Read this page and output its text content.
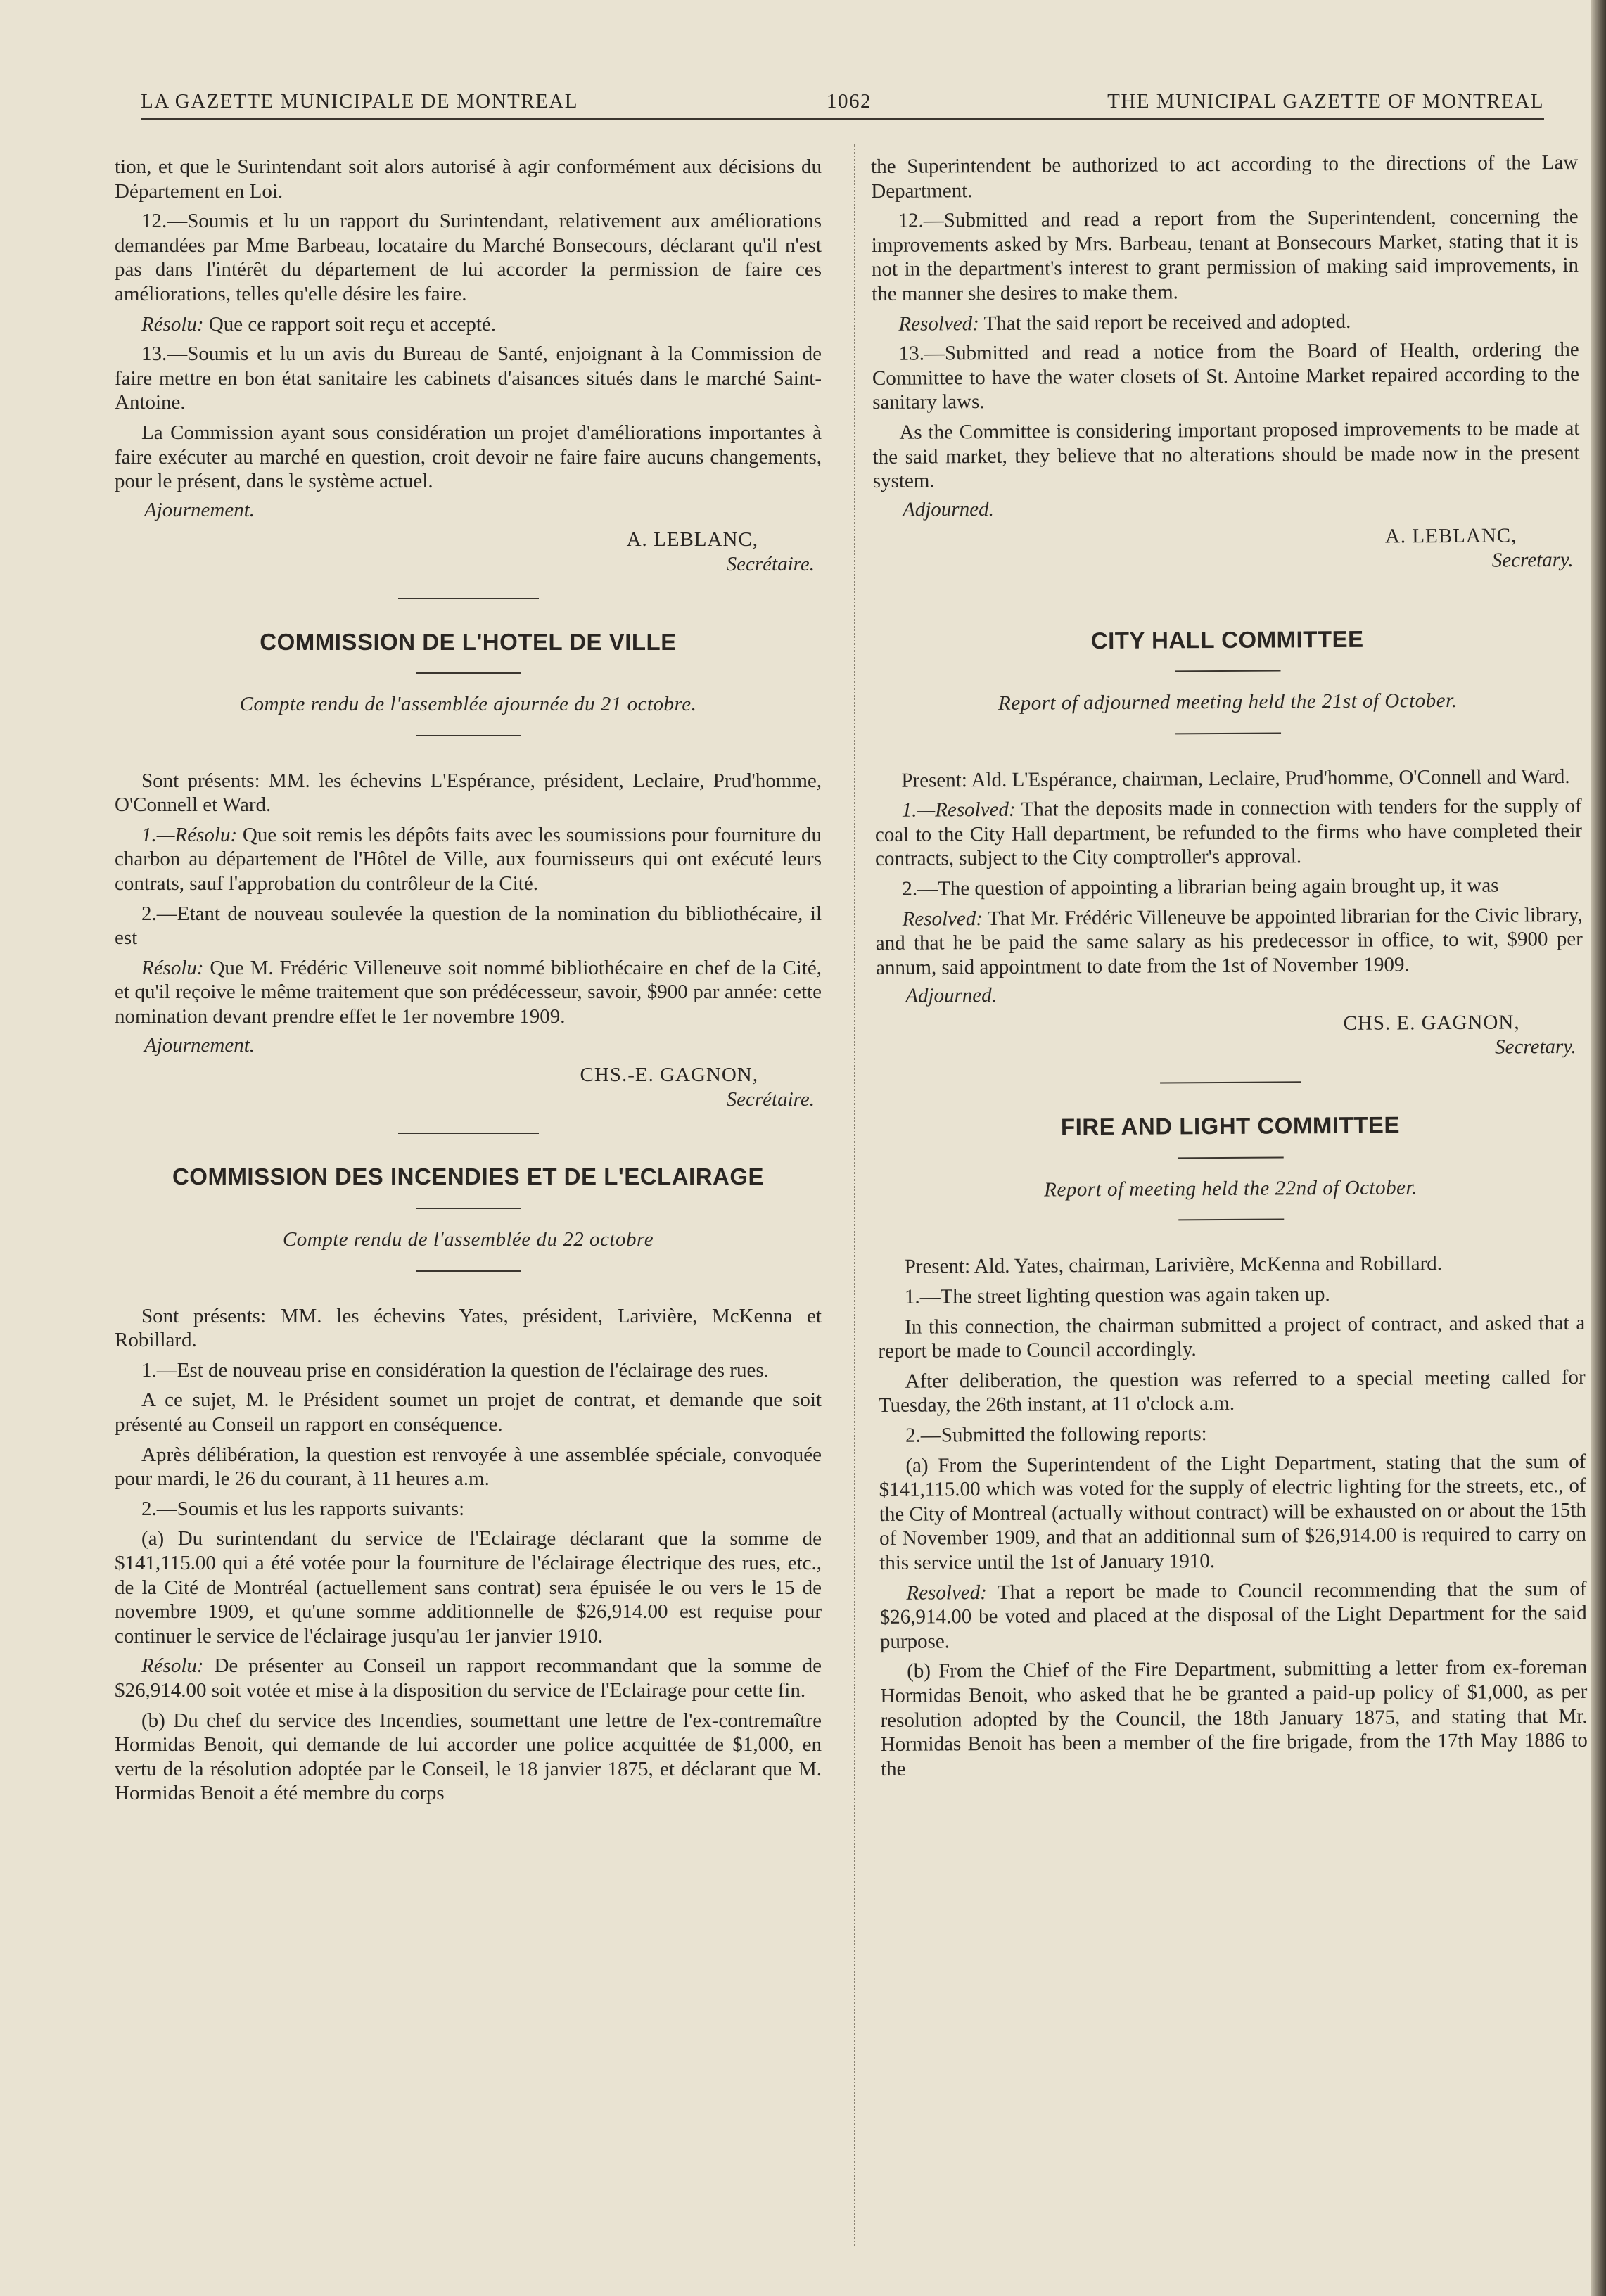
LA GAZETTE MUNICIPALE DE MONTREAL	1062	THE MUNICIPAL GAZETTE OF MONTREAL

tion, et que le Surintendant soit alors autorisé à agir conformément aux décisions du Département en Loi.

12.—Soumis et lu un rapport du Surintendant, relativement aux améliorations demandées par Mme Barbeau, locataire du Marché Bonsecours, déclarant qu'il n'est pas dans l'intérêt du département de lui accorder la permission de faire ces améliorations, telles qu'elle désire les faire.

Résolu: Que ce rapport soit reçu et accepté.

13.—Soumis et lu un avis du Bureau de Santé, enjoignant à la Commission de faire mettre en bon état sanitaire les cabinets d'aisances situés dans le marché Saint-Antoine.

La Commission ayant sous considération un projet d'améliorations importantes à faire exécuter au marché en question, croit devoir ne faire faire aucuns changements, pour le présent, dans le système actuel.

Ajournement.

A. LEBLANC,
Secrétaire.
COMMISSION DE L'HOTEL DE VILLE
Compte rendu de l'assemblée ajournée du 21 octobre.

Sont présents: MM. les échevins L'Espérance, président, Leclaire, Prud'homme, O'Connell et Ward.

1.—Résolu: Que soit remis les dépôts faits avec les soumissions pour fourniture du charbon au département de l'Hôtel de Ville, aux fournisseurs qui ont exécuté leurs contrats, sauf l'approbation du contrôleur de la Cité.

2.—Etant de nouveau soulevée la question de la nomination du bibliothécaire, il est

Résolu: Que M. Frédéric Villeneuve soit nommé bibliothécaire en chef de la Cité, et qu'il reçoive le même traitement que son prédécesseur, savoir, $900 par année: cette nomination devant prendre effet le 1er novembre 1909.

Ajournement.

CHS.-E. GAGNON,
Secrétaire.
COMMISSION DES INCENDIES ET DE L'ECLAIRAGE
Compte rendu de l'assemblée du 22 octobre

Sont présents: MM. les échevins Yates, président, Larivière, McKenna et Robillard.

1.—Est de nouveau prise en considération la question de l'éclairage des rues.

A ce sujet, M. le Président soumet un projet de contrat, et demande que soit présenté au Conseil un rapport en conséquence.

Après délibération, la question est renvoyée à une assemblée spéciale, convoquée pour mardi, le 26 du courant, à 11 heures a.m.

2.—Soumis et lus les rapports suivants:

(a) Du surintendant du service de l'Eclairage déclarant que la somme de $141,115.00 qui a été votée pour la fourniture de l'éclairage électrique des rues, etc., de la Cité de Montréal (actuellement sans contrat) sera épuisée le ou vers le 15 de novembre 1909, et qu'une somme additionnelle de $26,914.00 est requise pour continuer le service de l'éclairage jusqu'au 1er janvier 1910.

Résolu: De présenter au Conseil un rapport recommandant que la somme de $26,914.00 soit votée et mise à la disposition du service de l'Eclairage pour cette fin.

(b) Du chef du service des Incendies, soumettant une lettre de l'ex-contremaître Hormidas Benoit, qui demande de lui accorder une police acquittée de $1,000, en vertu de la résolution adoptée par le Conseil, le 18 janvier 1875, et déclarant que M. Hormidas Benoit a été membre du corps

the Superintendent be authorized to act according to the directions of the Law Department.

12.—Submitted and read a report from the Superintendent, concerning the improvements asked by Mrs. Barbeau, tenant at Bonsecours Market, stating that it is not in the department's interest to grant permission of making said improvements, in the manner she desires to make them.

Resolved: That the said report be received and adopted.

13.—Submitted and read a notice from the Board of Health, ordering the Committee to have the water closets of St. Antoine Market repaired according to the sanitary laws.

As the Committee is considering important proposed improvements to be made at the said market, they believe that no alterations should be made now in the present system.

Adjourned.

A. LEBLANC,
Secretary.
CITY HALL COMMITTEE
Report of adjourned meeting held the 21st of October.

Present: Ald. L'Espérance, chairman, Leclaire, Prud'homme, O'Connell and Ward.

1.—Resolved: That the deposits made in connection with tenders for the supply of coal to the City Hall department, be refunded to the firms who have completed their contracts, subject to the City comptroller's approval.

2.—The question of appointing a librarian being again brought up, it was

Resolved: That Mr. Frédéric Villeneuve be appointed librarian for the Civic library, and that he be paid the same salary as his predecessor in office, to wit, $900 per annum, said appointment to date from the 1st of November 1909.

Adjourned.

CHS. E. GAGNON,
Secretary.
FIRE AND LIGHT COMMITTEE
Report of meeting held the 22nd of October.

Present: Ald. Yates, chairman, Larivière, McKenna and Robillard.

1.—The street lighting question was again taken up.

In this connection, the chairman submitted a project of contract, and asked that a report be made to Council accordingly.

After deliberation, the question was referred to a special meeting called for Tuesday, the 26th instant, at 11 o'clock a.m.

2.—Submitted the following reports:

(a) From the Superintendent of the Light Department, stating that the sum of $141,115.00 which was voted for the supply of electric lighting for the streets, etc., of the City of Montreal (actually without contract) will be exhausted on or about the 15th of November 1909, and that an additionnal sum of $26,914.00 is required to carry on this service until the 1st of January 1910.

Resolved: That a report be made to Council recommending that the sum of $26,914.00 be voted and placed at the disposal of the Light Department for the said purpose.

(b) From the Chief of the Fire Department, submitting a letter from ex-foreman Hormidas Benoit, who asked that he be granted a paid-up policy of $1,000, as per resolution adopted by the Council, the 18th January 1875, and stating that Mr. Hormidas Benoit has been a member of the fire brigade, from the 17th May 1886 to the
